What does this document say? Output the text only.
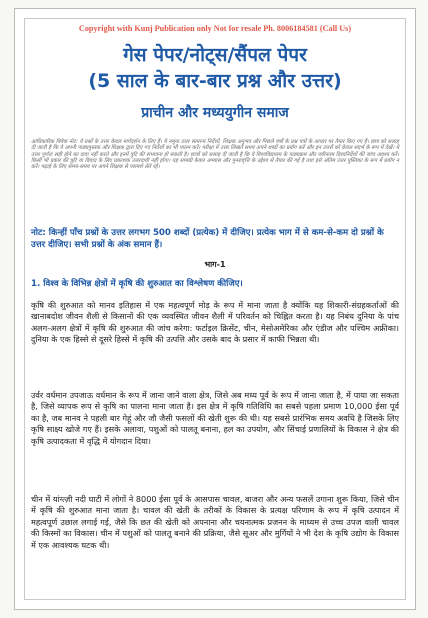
Copyright with Kunj Publication only Not for resale Ph. 8006184581 (Call Us)
गेस पेपर/नोट्स/सैंपल पेपर
(5 साल के बार-बार प्रश्न और उत्तर)
प्राचीन और मध्ययुगीन समाज
आधिकारिक विवेक नोट: ये प्रश्नों के उत्तर केवल मार्गदर्शन के लिए हैं। ये नमूना उत्तर सामान्य निर्देशों, शिक्षक अनुभव और पिछले वर्षों के प्रश्न पत्रों के आधार पर तैयार किए गए हैं। छात्र को सलाह दी जाती है कि वे अपनी पाठ्यपुस्तक और शिक्षक द्वारा दिए गए निर्देशों का भी पालन करें। परीक्षा में उत्तर लिखते समय अपने शब्दों का प्रयोग करें और इन उत्तरों को केवल संदर्भ के रूप में देखें। ये उत्तर पूर्णतः सही होने का दावा नहीं करते और इनमें त्रुटि की संभावना हो सकती है। छात्रों को सलाह दी जाती है कि वे विश्वविद्यालय के पाठ्यक्रम और नवीनतम दिशानिर्देशों की जांच अवश्य करें। किसी भी प्रकार की त्रुटि या विवाद के लिए प्रकाशक उत्तरदायी नहीं होगा। यह सामग्री केवल अभ्यास और पुनरावृत्ति के उद्देश्य से तैयार की गई है तथा इसे अंतिम उत्तर पुस्तिका के रूप में प्रयोग न करें। पढ़ाई के लिए समय-समय पर अपने शिक्षक से परामर्श लेते रहें।
नोट: किन्हीं पाँच प्रश्नों के उत्तर लगभग 500 शब्दों (प्रत्येक) में दीजिए। प्रत्येक भाग में से कम-से-कम दो प्रश्नों के उत्तर दीजिए। सभी प्रश्नों के अंक समान हैं।
भाग-1
1. विश्व के विभिन्न क्षेत्रों में कृषि की शुरुआत का विश्लेषण कीजिए।
कृषि की शुरुआत को मानव इतिहास में एक महत्वपूर्ण मोड़ के रूप में माना जाता है क्योंकि यह शिकारी-संग्रहकर्ताओं की खानाबदोश जीवन शैली से किसानों की एक व्यवस्थित जीवन शैली में परिवर्तन को चिह्नित करता है। यह निबंध दुनिया के पांच अलग-अलग क्षेत्रों में कृषि की शुरुआत की जांच करेगा: फर्टाइल क्रिसेंट, चीन, मेसोअमेरिका और एंडीज और पश्चिम अफ्रीका। दुनिया के एक हिस्से से दूसरे हिस्से में कृषि की उत्पत्ति और उसके बाद के प्रसार में काफी भिन्नता थी।
उर्वर वर्धमान उपजाऊ वर्धमान के रूप में जाना जाने वाला क्षेत्र, जिसे अब मध्य पूर्व के रूप में जाना जाता है, में पाया जा सकता है, जिसे व्यापक रूप से कृषि का पालना माना जाता है। इस क्षेत्र में कृषि गतिविधि का सबसे पहला प्रमाण 10,000 ईसा पूर्व का है, जब मानव ने पहली बार गेहूं और जौ जैसी फसलों की खेती शुरू की थी। यह सबसे प्रारंभिक समय अवधि है जिसके लिए कृषि साक्ष्य खोजे गए हैं। इसके अलावा, पशुओं को पालतू बनाना, हल का उपयोग, और सिंचाई प्रणालियों के विकास ने क्षेत्र की कृषि उत्पादकता में वृद्धि में योगदान दिया।
चीन में यांग्त्ज़ी नदी घाटी में लोगों ने 8000 ईसा पूर्व के आसपास चावल, बाजरा और अन्य फसलें उगाना शुरू किया, जिसे चीन में कृषि की शुरुआत माना जाता है। चावल की खेती के तरीकों के विकास के प्रत्यक्ष परिणाम के रूप में कृषि उत्पादन में महत्वपूर्ण उछाल लगाई गई, जैसे कि छत की खेती को अपनाना और चयनात्मक प्रजनन के माध्यम से उच्च उपज वाली चावल की किस्मों का विकास। चीन में पशुओं को पालतू बनाने की प्रक्रिया, जैसे सूअर और मुर्गियों ने भी देश के कृषि उद्योग के विकास में एक आवश्यक घटक थी।
